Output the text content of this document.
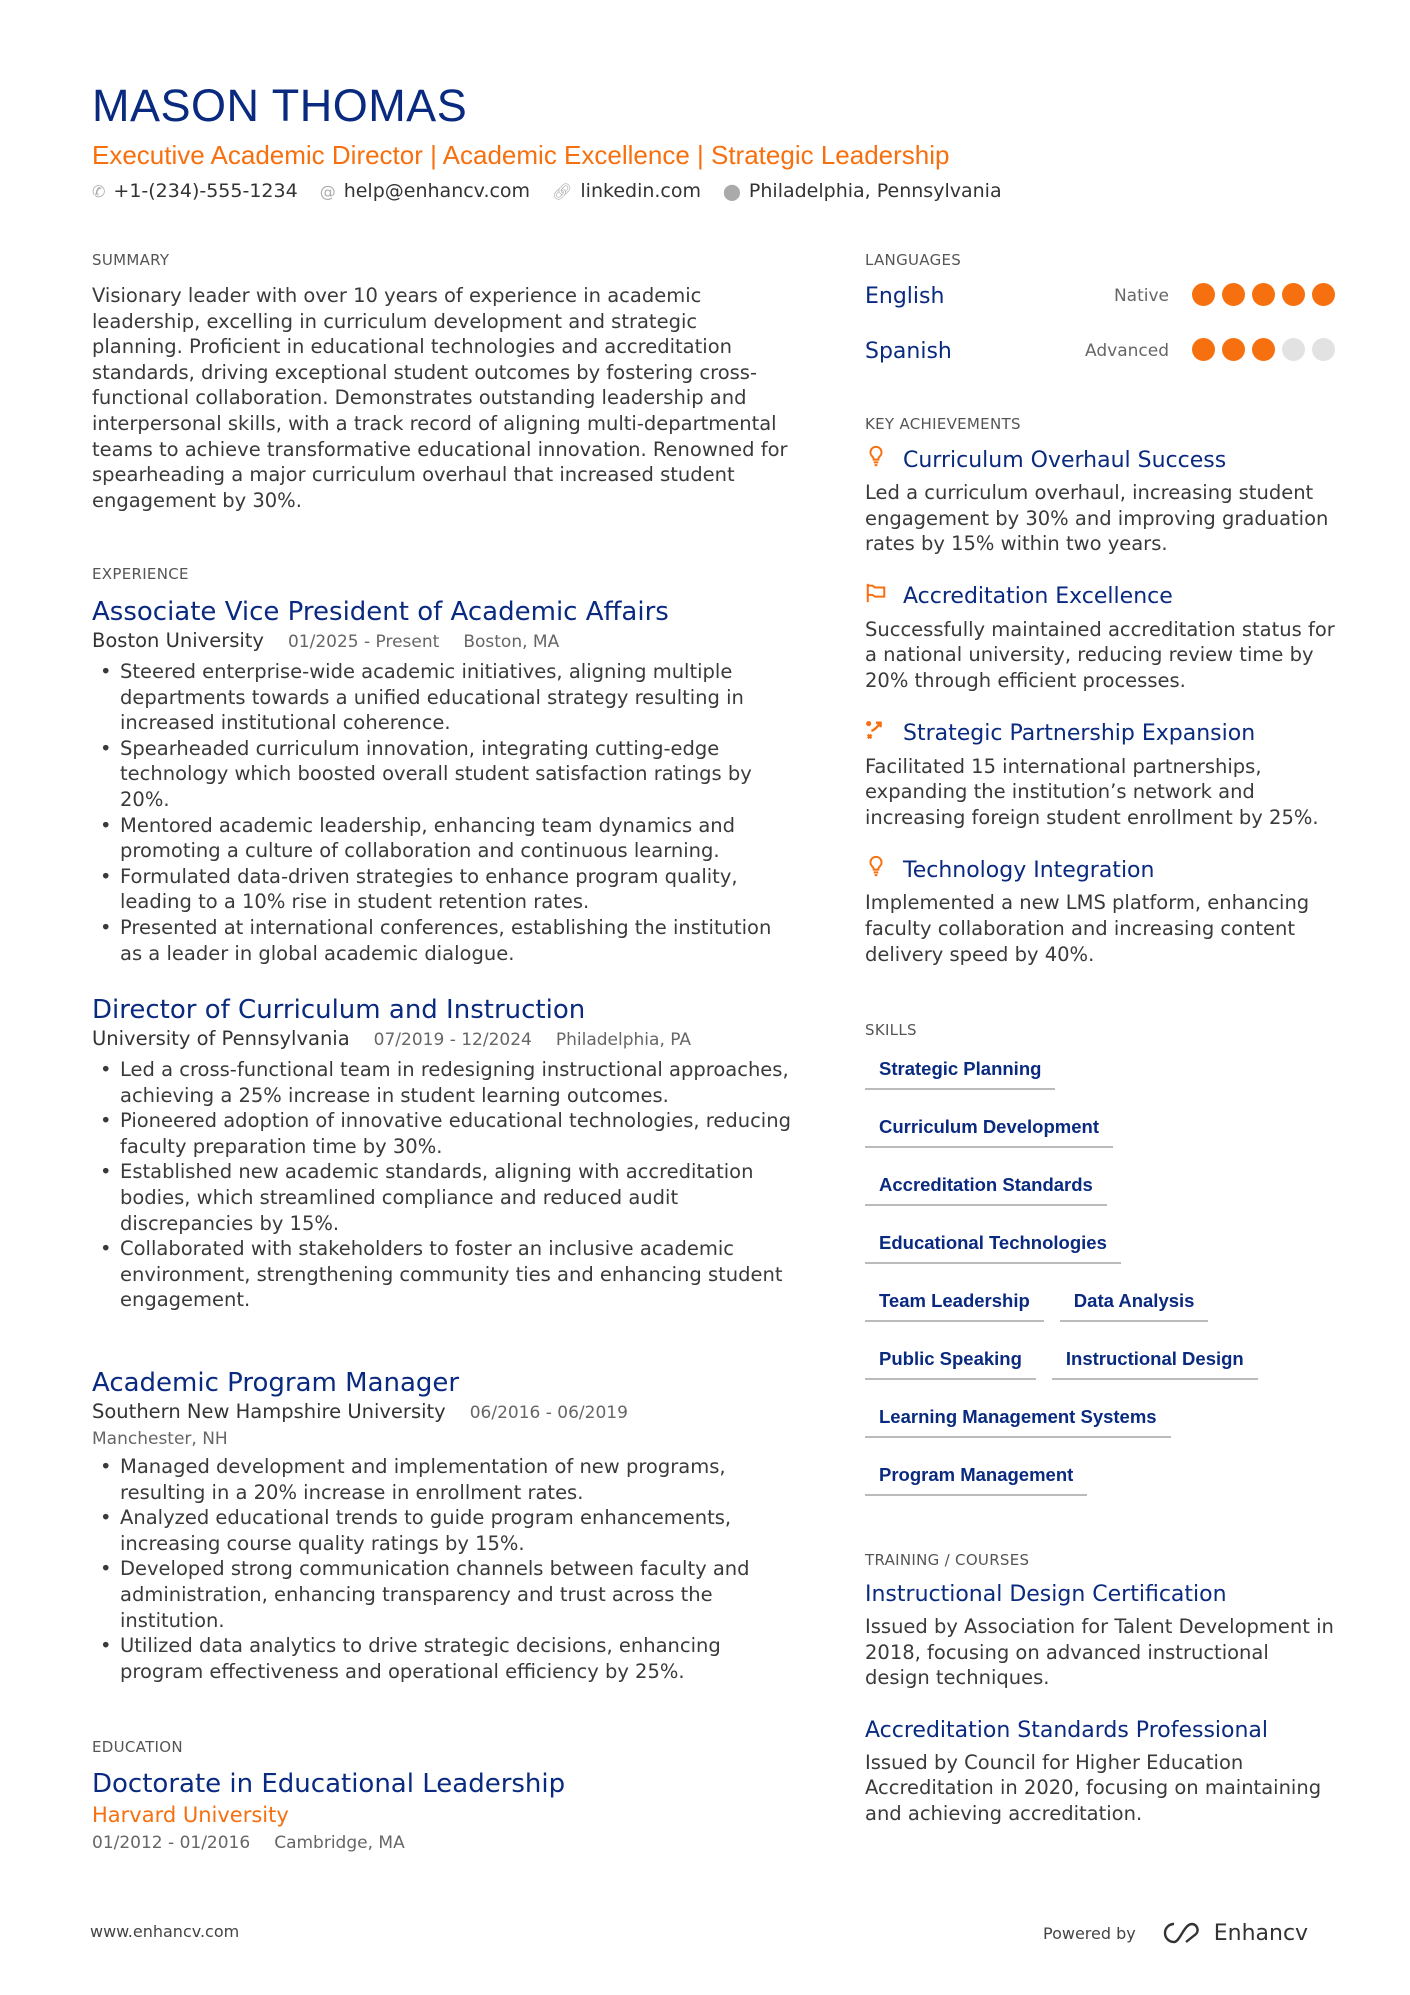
MASON THOMAS
Executive Academic Director | Academic Excellence | Strategic Leadership
✆ +1-(234)-555-1234 @ help@enhancv.com 🔗︎ linkedin.com ⬤ Philadelphia, Pennsylvania
SUMMARY
Visionary leader with over 10 years of experience in academic leadership, excelling in curriculum development and strategic planning. Proficient in educational technologies and accreditation standards, driving exceptional student outcomes by fostering cross-functional collaboration. Demonstrates outstanding leadership and interpersonal skills, with a track record of aligning multi-departmental teams to achieve transformative educational innovation. Renowned for spearheading a major curriculum overhaul that increased student engagement by 30%.
EXPERIENCE
Associate Vice President of Academic Affairs
Boston University 01/2025 - Present Boston, MA
• Steered enterprise-wide academic initiatives, aligning multiple departments towards a unified educational strategy resulting in increased institutional coherence.
• Spearheaded curriculum innovation, integrating cutting-edge technology which boosted overall student satisfaction ratings by 20%.
• Mentored academic leadership, enhancing team dynamics and promoting a culture of collaboration and continuous learning.
• Formulated data-driven strategies to enhance program quality, leading to a 10% rise in student retention rates.
• Presented at international conferences, establishing the institution as a leader in global academic dialogue.
Director of Curriculum and Instruction
University of Pennsylvania 07/2019 - 12/2024 Philadelphia, PA
• Led a cross-functional team in redesigning instructional approaches, achieving a 25% increase in student learning outcomes.
• Pioneered adoption of innovative educational technologies, reducing faculty preparation time by 30%.
• Established new academic standards, aligning with accreditation bodies, which streamlined compliance and reduced audit discrepancies by 15%.
• Collaborated with stakeholders to foster an inclusive academic environment, strengthening community ties and enhancing student engagement.
Academic Program Manager
Southern New Hampshire University 06/2016 - 06/2019
Manchester, NH
• Managed development and implementation of new programs, resulting in a 20% increase in enrollment rates.
• Analyzed educational trends to guide program enhancements, increasing course quality ratings by 15%.
• Developed strong communication channels between faculty and administration, enhancing transparency and trust across the institution.
• Utilized data analytics to drive strategic decisions, enhancing program effectiveness and operational efficiency by 25%.
EDUCATION
Doctorate in Educational Leadership
Harvard University
01/2012 - 01/2016 Cambridge, MA
LANGUAGES
English	Native
Spanish	Advanced
KEY ACHIEVEMENTS
Curriculum Overhaul Success
Led a curriculum overhaul, increasing student engagement by 30% and improving graduation rates by 15% within two years.
Accreditation Excellence
Successfully maintained accreditation status for a national university, reducing review time by 20% through efficient processes.
Strategic Partnership Expansion
Facilitated 15 international partnerships, expanding the institution’s network and increasing foreign student enrollment by 25%.
Technology Integration
Implemented a new LMS platform, enhancing faculty collaboration and increasing content delivery speed by 40%.
SKILLS
Strategic Planning
Curriculum Development
Accreditation Standards
Educational Technologies
Team Leadership	Data Analysis
Public Speaking	Instructional Design
Learning Management Systems
Program Management
TRAINING / COURSES
Instructional Design Certification
Issued by Association for Talent Development in 2018, focusing on advanced instructional design techniques.
Accreditation Standards Professional
Issued by Council for Higher Education Accreditation in 2020, focusing on maintaining and achieving accreditation.
www.enhancv.com	Powered by	Enhancv
